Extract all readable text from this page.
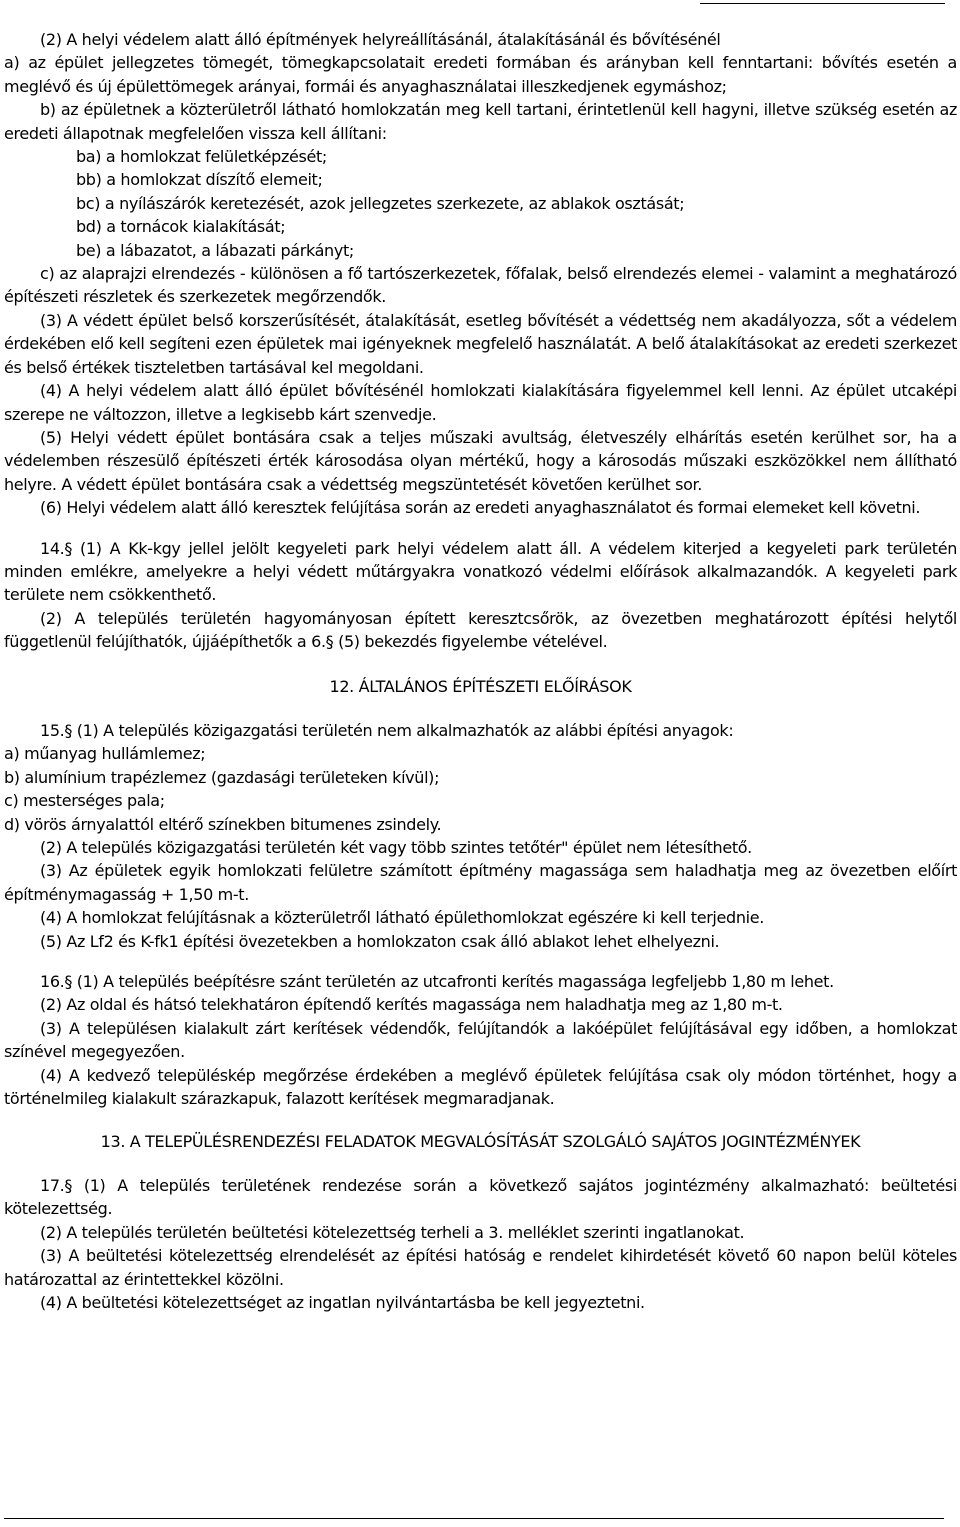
(2) A helyi védelem alatt álló építmények helyreállításánál, átalakításánál és bővítésénél

a) az épület jellegzetes tömegét, tömegkapcsolatait eredeti formában és arányban kell fenntartani: bővítés esetén a meglévő és új épülettömegek arányai, formái és anyaghasználatai illeszkedjenek egymáshoz;

b) az épületnek a közterületről látható homlokzatán meg kell tartani, érintetlenül kell hagyni, illetve szükség esetén az eredeti állapotnak megfelelően vissza kell állítani:

ba) a homlokzat felületképzését;

bb) a homlokzat díszítő elemeit;

bc) a nyílászárók keretezését, azok jellegzetes szerkezete, az ablakok osztását;

bd) a tornácok kialakítását;

be) a lábazatot, a lábazati párkányt;

c) az alaprajzi elrendezés - különösen a fő tartószerkezetek, főfalak, belső elrendezés elemei - valamint a meghatározó építészeti részletek és szerkezetek megőrzendők.

(3) A védett épület belső korszerűsítését, átalakítását, esetleg bővítését a védettség nem akadályozza, sőt a védelem érdekében elő kell segíteni ezen épületek mai igényeknek megfelelő használatát. A belő átalakításokat az eredeti szerkezet és belső értékek tiszteletben tartásával kel megoldani.

(4) A helyi védelem alatt álló épület bővítésénél homlokzati kialakítására figyelemmel kell lenni. Az épület utcaképi szerepe ne változzon, illetve a legkisebb kárt szenvedje.

(5) Helyi védett épület bontására csak a teljes műszaki avultság, életveszély elhárítás esetén kerülhet sor, ha a védelemben részesülő építészeti érték károsodása olyan mértékű, hogy a károsodás műszaki eszközökkel nem állítható helyre. A védett épület bontására csak a védettség megszüntetését követően kerülhet sor.

(6) Helyi védelem alatt álló keresztek felújítása során az eredeti anyaghasználatot és formai elemeket kell követni.

14.§ (1) A Kk-kgy jellel jelölt kegyeleti park helyi védelem alatt áll. A védelem kiterjed a kegyeleti park területén minden emlékre, amelyekre a helyi védett műtárgyakra vonatkozó védelmi előírások alkalmazandók. A kegyeleti park területe nem csökkenthető.

(2) A település területén hagyományosan épített keresztcsőrök, az övezetben meghatározott építési helytől függetlenül felújíthatók, újjáépíthetők a 6.§ (5) bekezdés figyelembe vételével.

12. ÁLTALÁNOS ÉPÍTÉSZETI ELŐÍRÁSOK

15.§ (1) A település közigazgatási területén nem alkalmazhatók az alábbi építési anyagok:

a) műanyag hullámlemez;

b) alumínium trapézlemez (gazdasági területeken kívül);

c) mesterséges pala;

d) vörös árnyalattól eltérő színekben bitumenes zsindely.

(2) A település közigazgatási területén két vagy több szintes tetőtér" épület nem létesíthető.

(3) Az épületek egyik homlokzati felületre számított építmény magassága sem haladhatja meg az övezetben előírt építménymagasság + 1,50 m-t.

(4) A homlokzat felújításnak a közterületről látható épülethomlokzat egészére ki kell terjednie.

(5) Az Lf2 és K-fk1 építési övezetekben a homlokzaton csak álló ablakot lehet elhelyezni.

16.§ (1) A település beépítésre szánt területén az utcafronti kerítés magassága legfeljebb 1,80 m lehet.

(2) Az oldal és hátsó telekhatáron építendő kerítés magassága nem haladhatja meg az 1,80 m-t.

(3) A településen kialakult zárt kerítések védendők, felújítandók a lakóépület felújításával egy időben, a homlokzat színével megegyezően.

(4) A kedvező településkép megőrzése érdekében a meglévő épületek felújítása csak oly módon történhet, hogy a történelmileg kialakult szárazkapuk, falazott kerítések megmaradjanak.

13. A TELEPÜLÉSRENDEZÉSI FELADATOK MEGVALÓSÍTÁSÁT SZOLGÁLÓ SAJÁTOS JOGINTÉZMÉNYEK

17.§ (1) A település területének rendezése során a következő sajátos jogintézmény alkalmazható: beültetési kötelezettség.

(2) A település területén beültetési kötelezettség terheli a 3. melléklet szerinti ingatlanokat.

(3) A beültetési kötelezettség elrendelését az építési hatóság e rendelet kihirdetését követő 60 napon belül köteles határozattal az érintettekkel közölni.

(4) A beültetési kötelezettséget az ingatlan nyilvántartásba be kell jegyeztetni.
